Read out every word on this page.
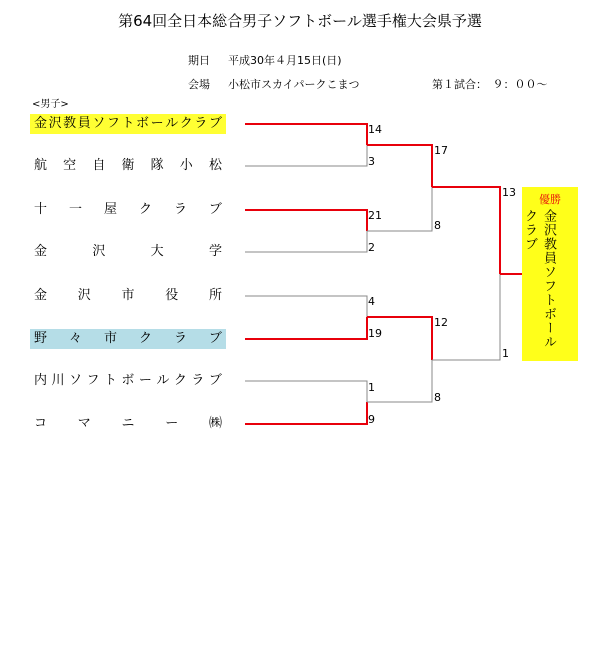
第64回全日本総合男子ソフトボール選手権大会県予選
期日 平成30年４月15日(日)
会場 小松市スカイパークこまつ	第１試合：　９：００～
<男子>
金 沢 教 員 ソ フ ト ボ ー ル ク ラ ブ
航 空 自 衛 隊 小 松
十 一 屋 ク ラ ブ
金	沢	大	学
金 沢 市 役 所
野 々 市 ク ラ ブ
内 川 ソ フ ト ボ ー ル ク ラ ブ
コ マ ニ ー ㈱
14
3
21
2
4
19
1
9
17
8
12
8
13
1
優勝
金沢教員ソフトボールクラブ
